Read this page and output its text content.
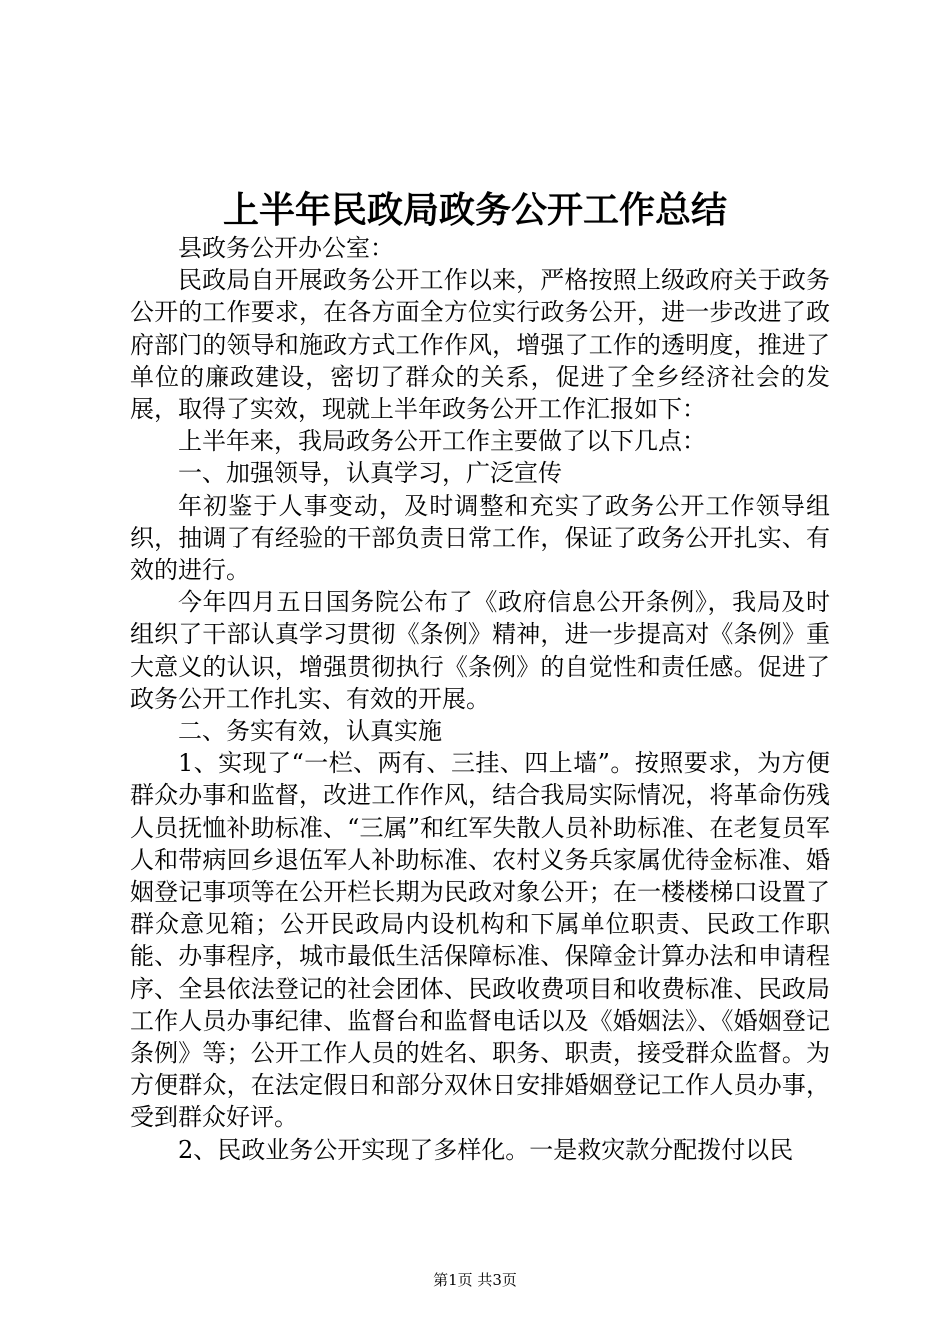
上半年民政局政务公开工作总结

县政务公开办公室：

民政局自开展政务公开工作以来，严格按照上级政府关于政务公开的工作要求，在各方面全方位实行政务公开，进一步改进了政府部门的领导和施政方式工作作风，增强了工作的透明度，推进了单位的廉政建设，密切了群众的关系，促进了全乡经济社会的发展，取得了实效，现就上半年政务公开工作汇报如下：

上半年来，我局政务公开工作主要做了以下几点：

一、加强领导，认真学习，广泛宣传

年初鉴于人事变动，及时调整和充实了政务公开工作领导组织，抽调了有经验的干部负责日常工作，保证了政务公开扎实、有效的进行。

今年四月五日国务院公布了《政府信息公开条例》，我局及时组织了干部认真学习贯彻《条例》精神，进一步提高对《条例》重大意义的认识，增强贯彻执行《条例》的自觉性和责任感。促进了政务公开工作扎实、有效的开展。

二、务实有效，认真实施

1、实现了“一栏、两有、三挂、四上墙”。按照要求，为方便群众办事和监督，改进工作作风，结合我局实际情况，将革命伤残人员抚恤补助标准、“三属”和红军失散人员补助标准、在老复员军人和带病回乡退伍军人补助标准、农村义务兵家属优待金标准、婚姻登记事项等在公开栏长期为民政对象公开；在一楼楼梯口设置了群众意见箱；公开民政局内设机构和下属单位职责、民政工作职能、办事程序，城市最低生活保障标准、保障金计算办法和申请程序、全县依法登记的社会团体、民政收费项目和收费标准、民政局工作人员办事纪律、监督台和监督电话以及《婚姻法》、《婚姻登记条例》等；公开工作人员的姓名、职务、职责，接受群众监督。为方便群众，在法定假日和部分双休日安排婚姻登记工作人员办事，受到群众好评。

2、民政业务公开实现了多样化。一是救灾款分配拨付以民

第1页 共3页
